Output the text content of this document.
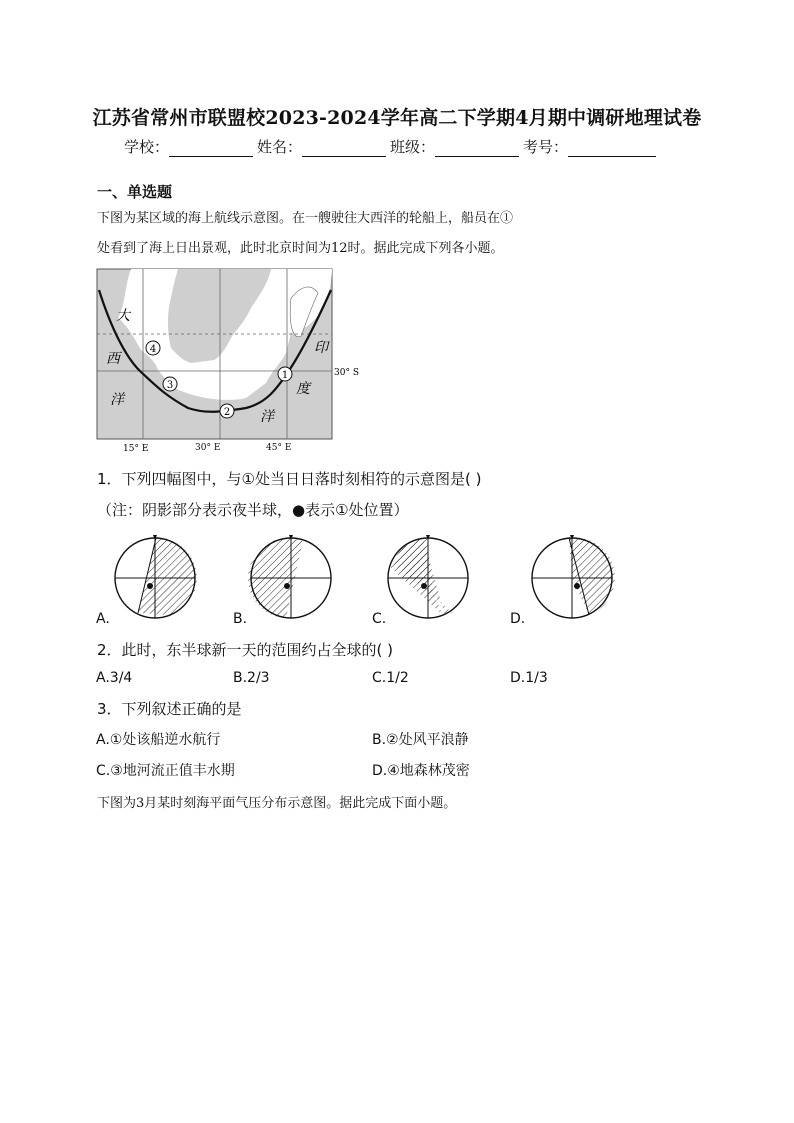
江苏省常州市联盟校2023-2024学年高二下学期4月期中调研地理试卷
学校：	姓名：	班级：	考号：
一、单选题
下图为某区域的海上航线示意图。在一艘驶往大西洋的轮船上，船员在①
处看到了海上日出景观，此时北京时间为12时。据此完成下列各小题。
大
西
洋
印
度
洋
30° S
15° E
4
3
2
1
30° E	45° E
1．下列四幅图中，与①处当日日落时刻相符的示意图是( )
（注：阴影部分表示夜半球，●表示①处位置）
A.	B.	C.	D.
2．此时，东半球新一天的范围约占全球的( )
A.3/4	B.2/3	C.1/2	D.1/3
3．下列叙述正确的是
A.①处该船逆水航行	B.②处风平浪静
C.③地河流正值丰水期	D.④地森林茂密
下图为3月某时刻海平面气压分布示意图。据此完成下面小题。
